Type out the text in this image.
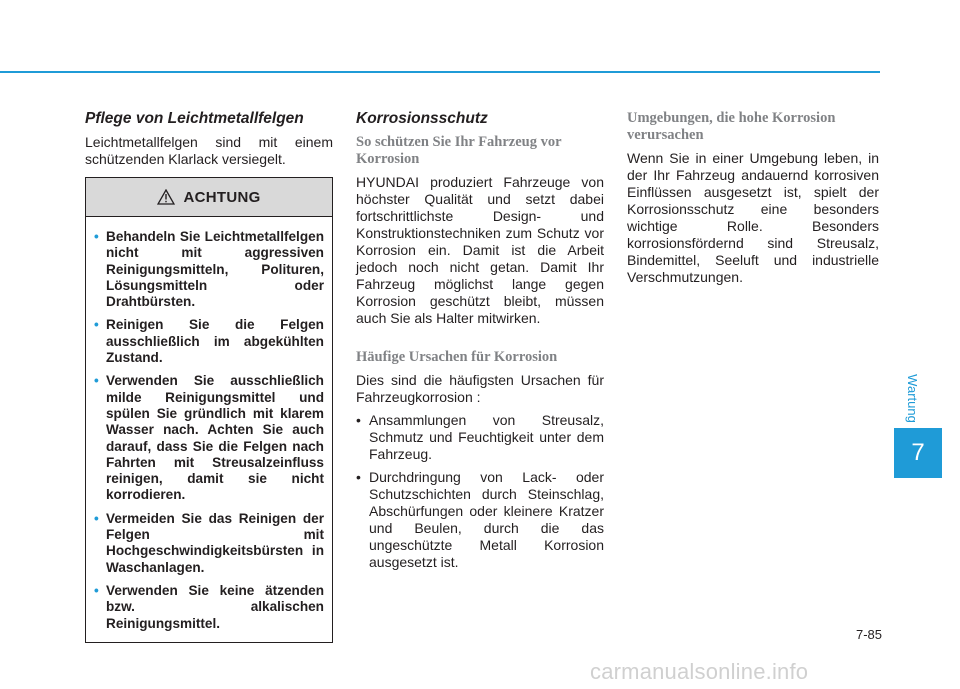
Pflege von Leichtmetallfelgen

Leichtmetallfelgen sind mit einem schützenden Klarlack versiegelt.

ACHTUNG
• Behandeln Sie Leichtmetallfelgen nicht mit aggressiven Reinigungsmitteln, Polituren, Lösungsmitteln oder Drahtbürsten.
• Reinigen Sie die Felgen ausschließlich im abgekühlten Zustand.
• Verwenden Sie ausschließlich milde Reinigungsmittel und spülen Sie gründlich mit klarem Wasser nach. Achten Sie auch darauf, dass Sie die Felgen nach Fahrten mit Streusalzeinfluss reinigen, damit sie nicht korrodieren.
• Vermeiden Sie das Reinigen der Felgen mit Hochgeschwindigkeitsbürsten in Waschanlagen.
• Verwenden Sie keine ätzenden bzw. alkalischen Reinigungsmittel.
Korrosionsschutz
So schützen Sie Ihr Fahrzeug vor Korrosion

HYUNDAI produziert Fahrzeuge von höchster Qualität und setzt dabei fortschrittlichste Design- und Konstruktionstechniken zum Schutz vor Korrosion ein. Damit ist die Arbeit jedoch noch nicht getan. Damit Ihr Fahrzeug möglichst lange gegen Korrosion geschützt bleibt, müssen auch Sie als Halter mitwirken.

Häufige Ursachen für Korrosion

Dies sind die häufigsten Ursachen für Fahrzeugkorrosion :

• Ansammlungen von Streusalz, Schmutz und Feuchtigkeit unter dem Fahrzeug.
• Durchdringung von Lack- oder Schutzschichten durch Steinschlag, Abschürfungen oder kleinere Kratzer und Beulen, durch die das ungeschützte Metall Korrosion ausgesetzt ist.
Umgebungen, die hohe Korrosion verursachen

Wenn Sie in einer Umgebung leben, in der Ihr Fahrzeug andauernd korrosiven Einflüssen ausgesetzt ist, spielt der Korrosionsschutz eine besonders wichtige Rolle. Besonders korrosionsfördernd sind Streusalz, Bindemittel, Seeluft und industrielle Verschmutzungen.

Wartung
7
7-85
carmanualsonline.info
